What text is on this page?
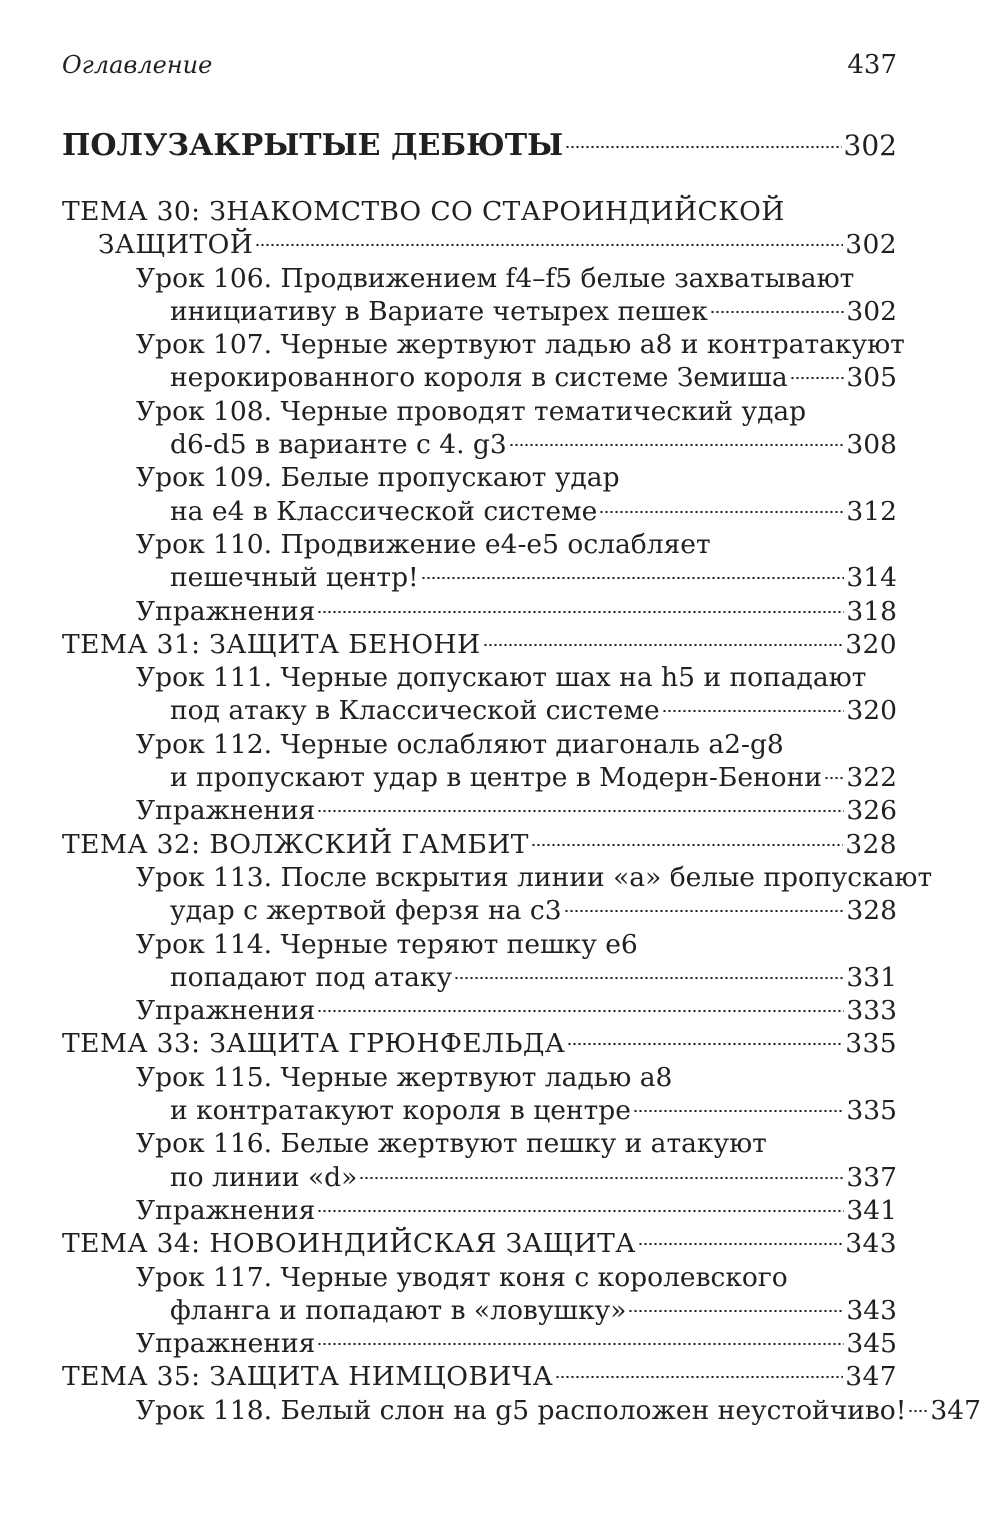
Оглавление	437
ПОЛУЗАКРЫТЫЕ ДЕБЮТЫ	302
ТЕМА 30: ЗНАКОМСТВО СО СТАРОИНДИЙСКОЙ
ЗАЩИТОЙ	302
Урок 106. Продвижением f4–f5 белые захватывают
инициативу в Вариате четырех пешек	302
Урок 107. Черные жертвуют ладью а8 и контратакуют
нерокированного короля в системе Земиша 305
Урок 108. Черные проводят тематический удар
d6-d5 в варианте с 4. g3	308
Урок 109. Белые пропускают удар
на е4 в Классической системе	312
Урок 110. Продвижение е4-е5 ослабляет
пешечный центр!	314
Упражнения	318
ТЕМА 31: ЗАЩИТА БЕНОНИ	320
Урок 111. Черные допускают шах на h5 и попадают
под атаку в Классической системе	320
Урок 112. Черные ослабляют диагональ a2-g8
и пропускают удар в центре в Модерн-Бенони 322
Упражнения	326
ТЕМА 32: ВОЛЖСКИЙ ГАМБИТ	328
Урок 113. После вскрытия линии «а» белые пропускают
удар с жертвой ферзя на с3	328
Урок 114. Черные теряют пешку е6
попадают под атаку	331
Упражнения	333
ТЕМА 33: ЗАЩИТА ГРЮНФЕЛЬДА	335
Урок 115. Черные жертвуют ладью а8
и контратакуют короля в центре	335
Урок 116. Белые жертвуют пешку и атакуют
по линии «d»	337
Упражнения	341
ТЕМА 34: НОВОИНДИЙСКАЯ ЗАЩИТА	343
Урок 117. Черные уводят коня с королевского
фланга и попадают в «ловушку»	343
Упражнения	345
ТЕМА 35: ЗАЩИТА НИМЦОВИЧА	347
Урок 118. Белый слон на g5 расположен неустойчиво! 347
